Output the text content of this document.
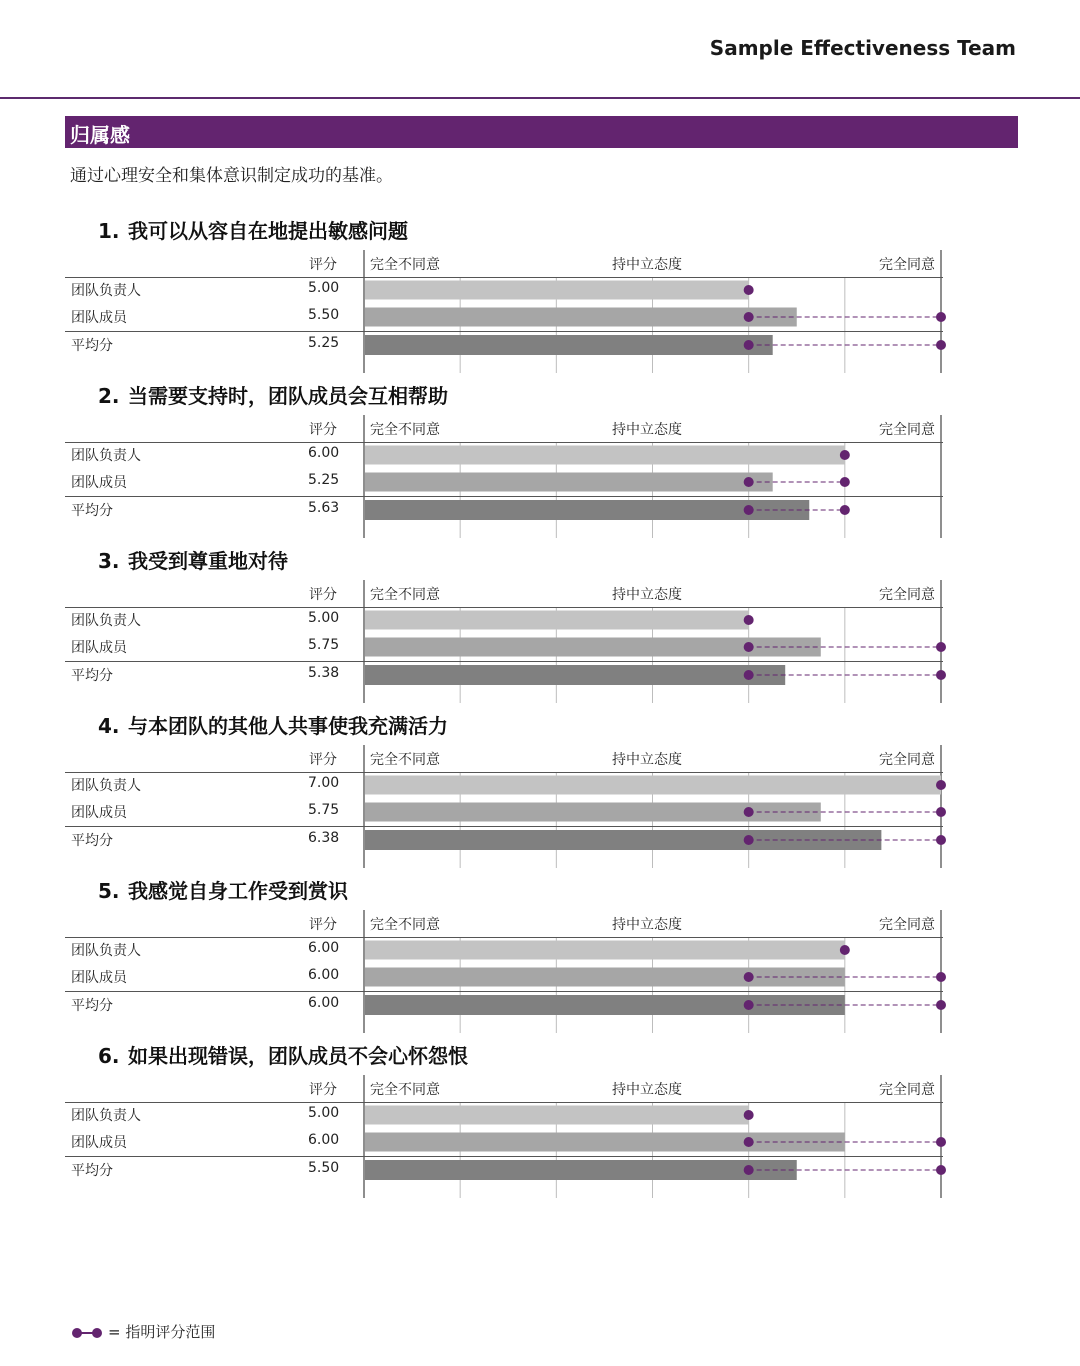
Sample Effectiveness Team
归属感
通过心理安全和集体意识制定成功的基准。
1. 我可以从容自在地提出敏感问题
评分 完全不同意	持中立态度	完全同意
团队负责人	5.00
团队成员	5.50
平均分	5.25
2. 当需要支持时，团队成员会互相帮助
评分 完全不同意	持中立态度	完全同意
团队负责人	6.00
团队成员	5.25
平均分	5.63
3. 我受到尊重地对待
评分 完全不同意	持中立态度	完全同意
团队负责人	5.00
团队成员	5.75
平均分	5.38
4. 与本团队的其他人共事使我充满活力
评分 完全不同意	持中立态度	完全同意
团队负责人	7.00
团队成员	5.75
平均分	6.38
5. 我感觉自身工作受到赏识
评分 完全不同意	持中立态度	完全同意
团队负责人	6.00
团队成员	6.00
平均分	6.00
6. 如果出现错误，团队成员不会心怀怨恨
评分 完全不同意	持中立态度	完全同意
团队负责人	5.00
团队成员	6.00
平均分	5.50
= 指明评分范围
